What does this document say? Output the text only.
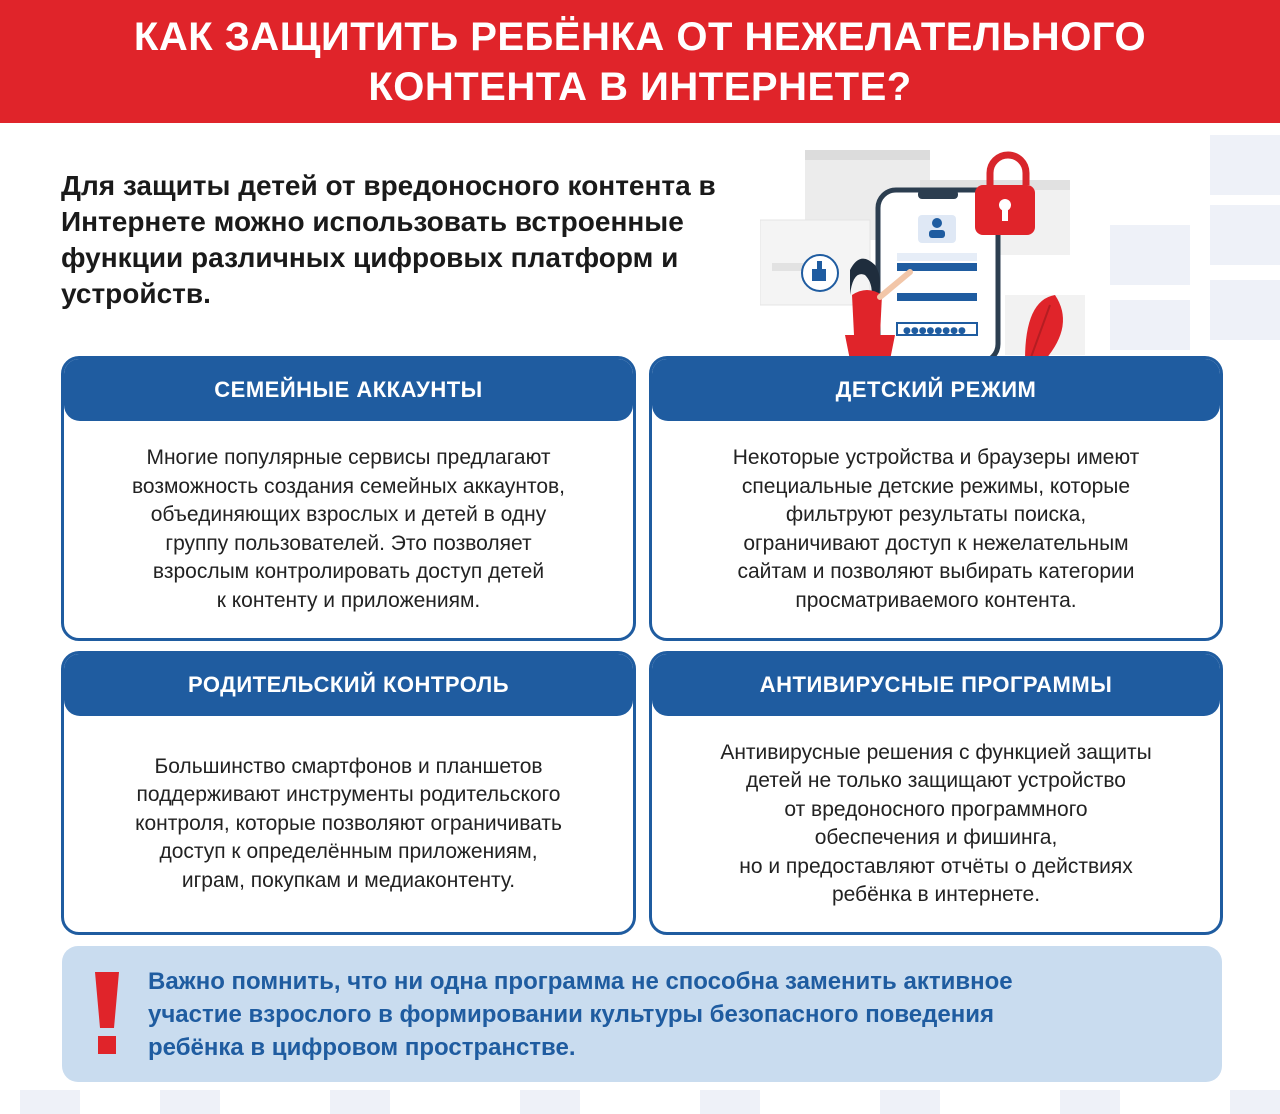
КАК ЗАЩИТИТЬ РЕБЁНКА ОТ НЕЖЕЛАТЕЛЬНОГО
КОНТЕНТА В ИНТЕРНЕТЕ?
Для защиты детей от вредоносного контента в Интернете можно использовать встроенные функции различных цифровых платформ и устройств.
●●●●●●●●
СЕМЕЙНЫЕ АККАУНТЫ

Многие популярные сервисы предлагают
возможность создания семейных аккаунтов,
объединяющих взрослых и детей в одну
группу пользователей. Это позволяет
взрослым контролировать доступ детей
к контенту и приложениям.

ДЕТСКИЙ РЕЖИМ

Некоторые устройства и браузеры имеют
специальные детские режимы, которые
фильтруют результаты поиска,
ограничивают доступ к нежелательным
сайтам и позволяют выбирать категории
просматриваемого контента.

РОДИТЕЛЬСКИЙ КОНТРОЛЬ

Большинство смартфонов и планшетов
поддерживают инструменты родительского
контроля, которые позволяют ограничивать
доступ к определённым приложениям,
играм, покупкам и медиаконтенту.

АНТИВИРУСНЫЕ ПРОГРАММЫ

Антивирусные решения с функцией защиты
детей не только защищают устройство
от вредоносного программного
обеспечения и фишинга,
но и предоставляют отчёты о действиях
ребёнка в интернете.

Важно помнить, что ни одна программа не способна заменить активное
участие взрослого в формировании культуры безопасного поведения
ребёнка в цифровом пространстве.
